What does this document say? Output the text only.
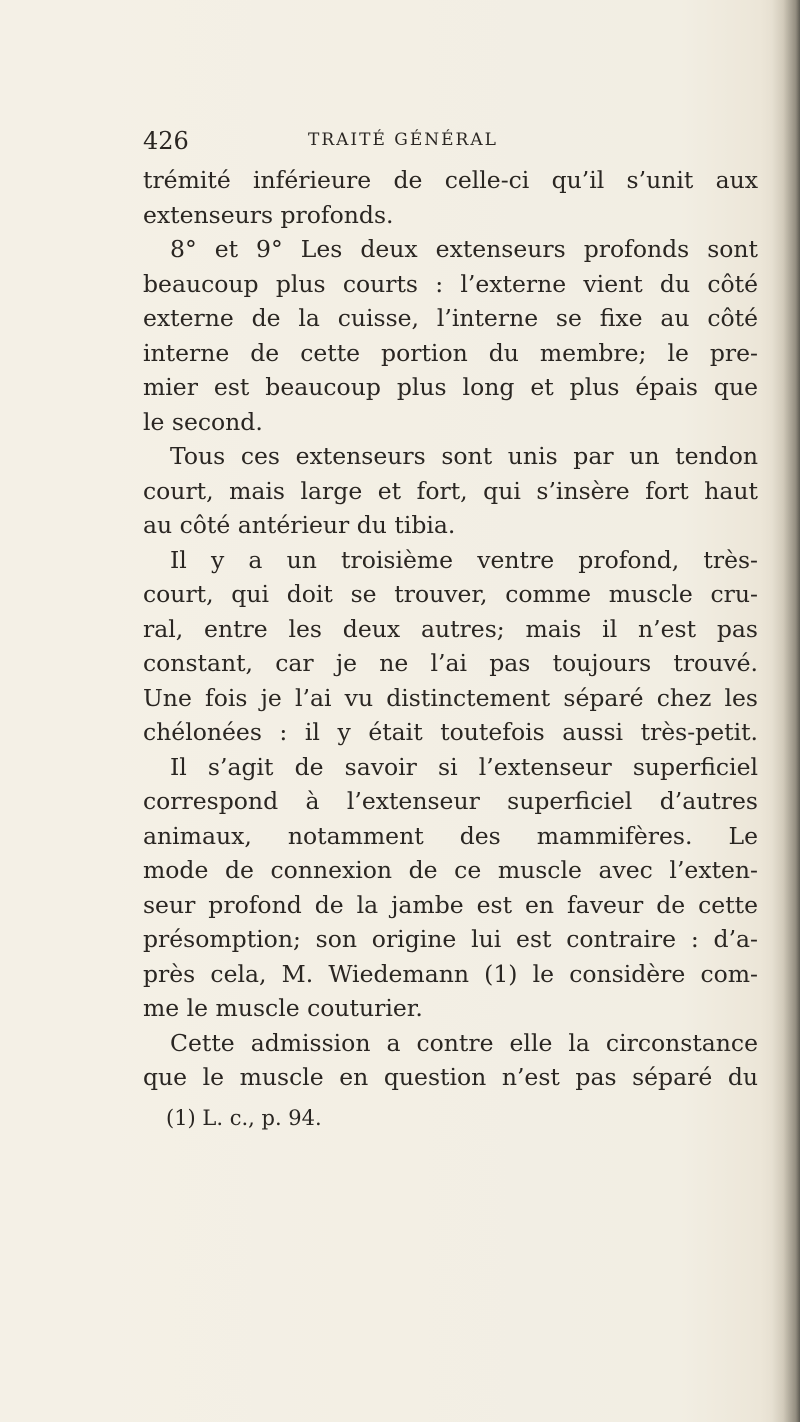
426	TRAITÉ GÉNÉRAL
trémité inférieure de celle-ci qu’il s’unit aux
extenseurs profonds.
8° et 9° Les deux extenseurs profonds sont
beaucoup plus courts : l’externe vient du côté
externe de la cuisse, l’interne se fixe au côté
interne de cette portion du membre; le pre-
mier est beaucoup plus long et plus épais que
le second.
Tous ces extenseurs sont unis par un tendon
court, mais large et fort, qui s’insère fort haut
au côté antérieur du tibia.
Il y a un troisième ventre profond, très-
court, qui doit se trouver, comme muscle cru-
ral, entre les deux autres; mais il n’est pas
constant, car je ne l’ai pas toujours trouvé.
Une fois je l’ai vu distinctement séparé chez les
chélonées : il y était toutefois aussi très-petit.
Il s’agit de savoir si l’extenseur superficiel
correspond à l’extenseur superficiel d’autres
animaux, notamment des mammifères. Le
mode de connexion de ce muscle avec l’exten-
seur profond de la jambe est en faveur de cette
présomption; son origine lui est contraire : d’a-
près cela, M. Wiedemann (1) le considère com-
me le muscle couturier.
Cette admission a contre elle la circonstance
que le muscle en question n’est pas séparé du
(1) L. c., p. 94.
